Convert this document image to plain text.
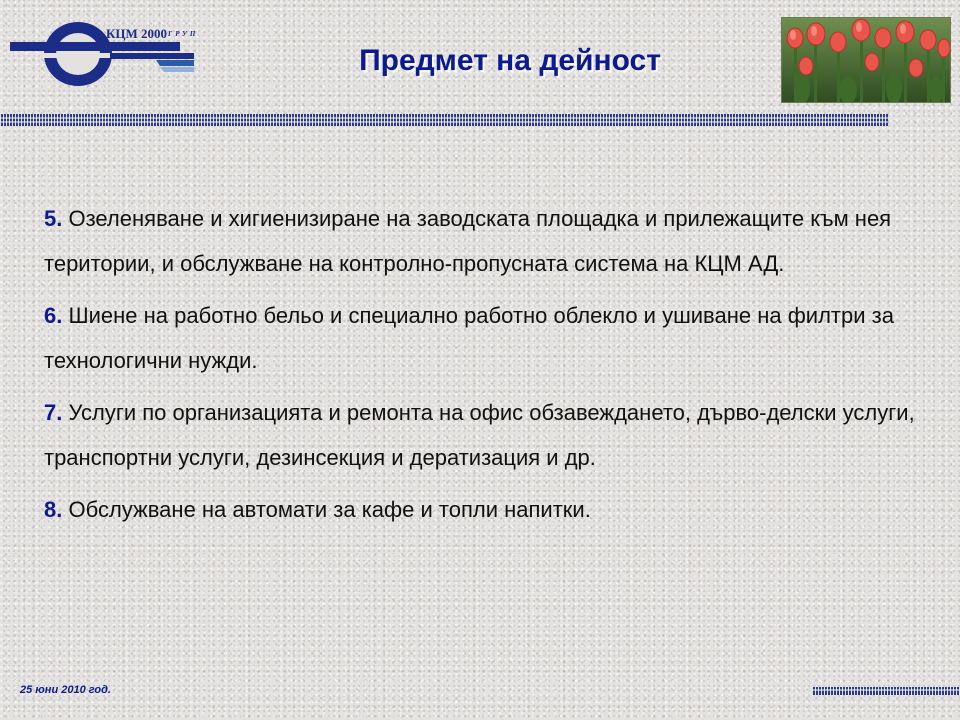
КЦМ 2000 ГРУП
Предмет на дейност

5. Озеленяване и хигиенизиране на заводската площадка и прилежащите към нея територии, и обслужване на контролно-пропусната система на КЦМ АД.

6. Шиене на работно бельо и специално работно облекло и ушиване на филтри за технологични нужди.

7. Услуги по организацията и ремонта на офис обзавеждането, дърво-делски услуги, транспортни услуги, дезинсекция и дератизация и др.

8. Обслужване на автомати за кафе и топли напитки.

25 юни 2010 год.
